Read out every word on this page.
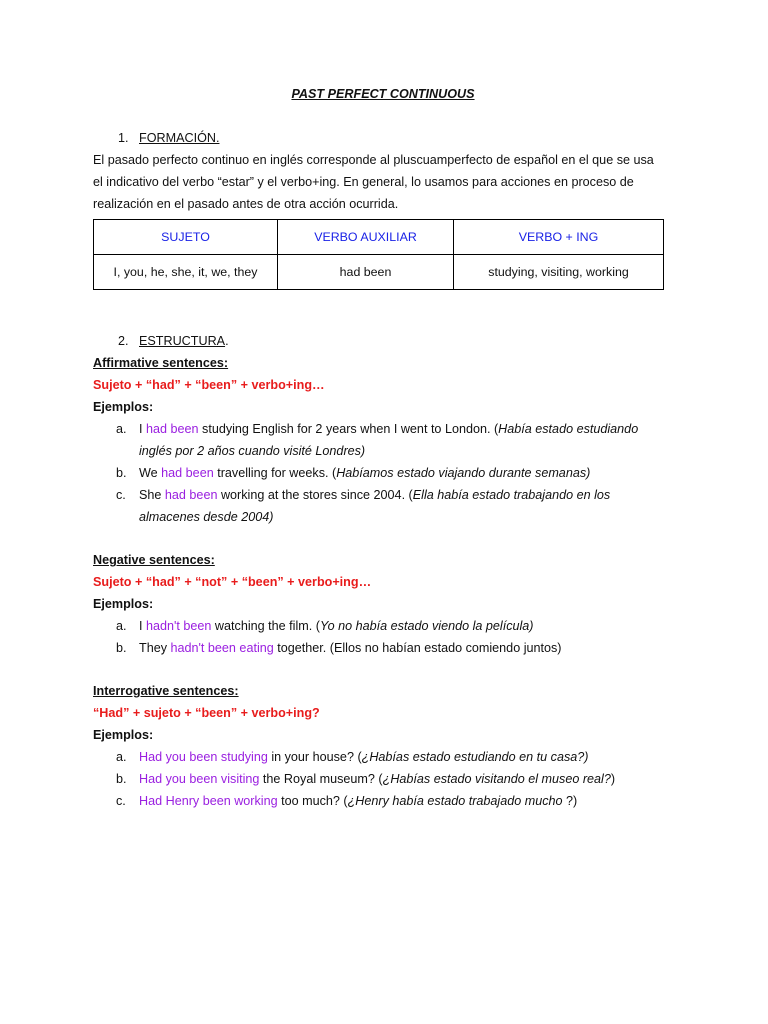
PAST PERFECT CONTINUOUS
1. FORMACIÓN.
El pasado perfecto continuo en inglés corresponde al pluscuamperfecto de español en el que se usa
el indicativo del verbo “estar” y el verbo+ing. En general, lo usamos para acciones en proceso de
realización en el pasado antes de otra acción ocurrida.
SUJETO	VERBO AUXILIAR	VERBO + ING
I, you, he, she, it, we, they	had been	studying, visiting, working
2. ESTRUCTURA.
Affirmative sentences:
Sujeto + “had” + “been” + verbo+ing…
Ejemplos:
a. I had been studying English for 2 years when I went to London. (Había estado estudiando
inglés por 2 años cuando visité Londres)
b. We had been travelling for weeks. (Habíamos estado viajando durante semanas)
c.	She had been working at the stores since 2004. (Ella había estado trabajando en los
almacenes desde 2004)
Negative sentences:
Sujeto + “had” + “not” + “been” + verbo+ing…
Ejemplos:
a. I hadn't been watching the film. (Yo no había estado viendo la película)
b. They hadn't been eating together. (Ellos no habían estado comiendo juntos)
Interrogative sentences:
“Had” + sujeto + “been” + verbo+ing?
Ejemplos:
a. Had you been studying in your house? (¿Habías estado estudiando en tu casa?)
b. Had you been visiting the Royal museum? (¿Habías estado visitando el museo real?)
c.	Had Henry been working too much? (¿Henry había estado trabajado mucho ?)
